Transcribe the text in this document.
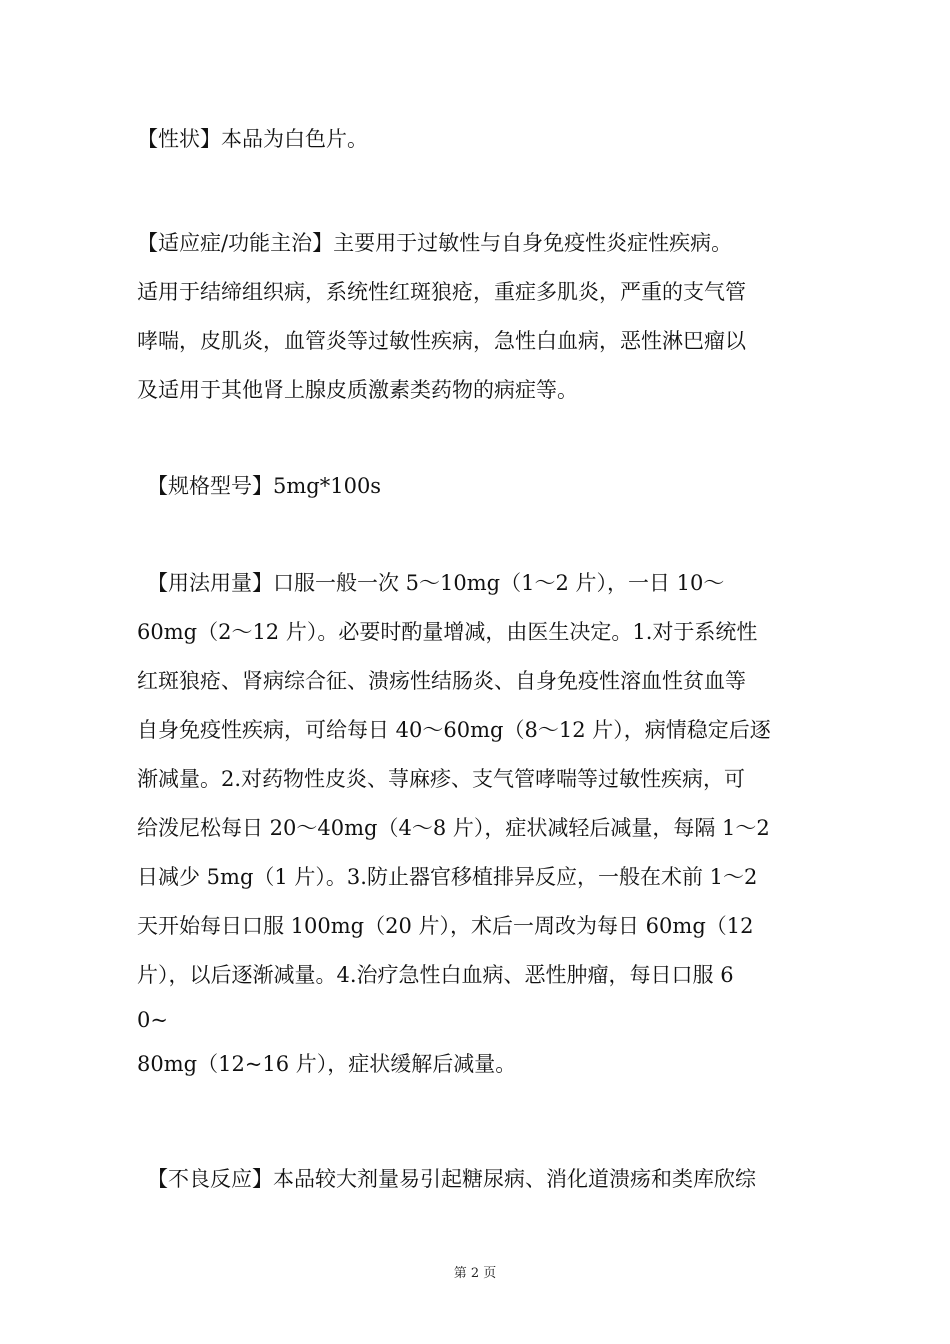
【性状】本品为白色片。
【适应症/功能主治】主要用于过敏性与自身免疫性炎症性疾病。
适用于结缔组织病，系统性红斑狼疮，重症多肌炎，严重的支气管
哮喘，皮肌炎，血管炎等过敏性疾病，急性白血病，恶性淋巴瘤以
及适用于其他肾上腺皮质激素类药物的病症等。
【规格型号】5mg*100s
【用法用量】口服一般一次 5～10mg（1～2 片），一日 10～
60mg（2～12 片）。必要时酌量增减，由医生决定。1.对于系统性
红斑狼疮、肾病综合征、溃疡性结肠炎、自身免疫性溶血性贫血等
自身免疫性疾病，可给每日 40～60mg（8～12 片），病情稳定后逐
渐减量。2.对药物性皮炎、荨麻疹、支气管哮喘等过敏性疾病，可
给泼尼松每日 20～40mg（4～8 片），症状减轻后减量，每隔 1～2
日减少 5mg（1 片）。3.防止器官移植排异反应，一般在术前 1～2
天开始每日口服 100mg（20 片），术后一周改为每日 60mg（12
片），以后逐渐减量。4.治疗急性白血病、恶性肿瘤，每日口服 6
0~
80mg（12~16 片），症状缓解后减量。
【不良反应】本品较大剂量易引起糖尿病、消化道溃疡和类库欣综
第 2 页
